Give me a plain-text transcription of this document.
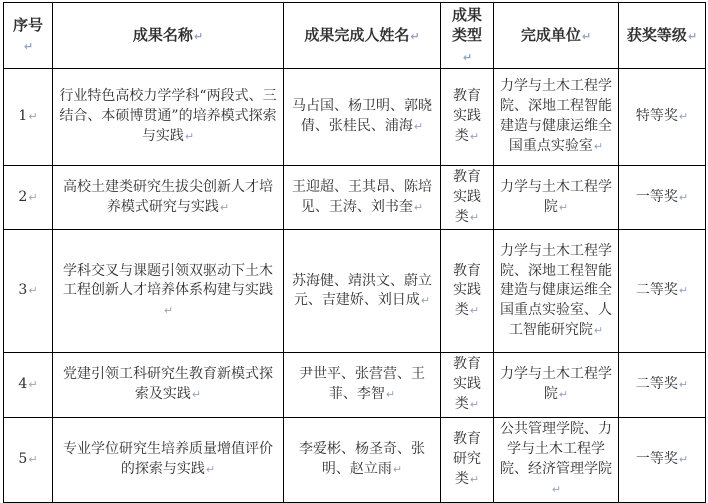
序号↵	成果名称↵	成果完成人姓名↵	成果类型↵	完成单位↵	获奖等级↵
1↵	行业特色高校力学学科“两段式、三结合、本硕博贯通”的培养模式探索与实践↵	马占国、杨卫明、郭晓倩、张桂民、浦海↵	教育实践类↵	力学与土木工程学院、深地工程智能建造与健康运维全国重点实验室↵	特等奖↵
2↵	高校土建类研究生拔尖创新人才培养模式研究与实践↵	王迎超、王其昂、陈培见、王涛、刘书奎↵	教育实践类↵	力学与土木工程学院↵	一等奖↵
3↵	学科交叉与课题引领双驱动下土木工程创新人才培养体系构建与实践↵	苏海健、靖洪文、蔚立元、吉建娇、刘日成↵	教育实践类↵	力学与土木工程学院、深地工程智能建造与健康运维全国重点实验室、人工智能研究院↵	二等奖↵
4↵	党建引领工科研究生教育新模式探索及实践↵	尹世平、张营营、王菲、李智↵	教育实践类↵	力学与土木工程学院↵	二等奖↵
5↵	专业学位研究生培养质量增值评价的探索与实践↵	李爱彬、杨圣奇、张明、赵立雨↵	教育研究类↵	公共管理学院、力学与土木工程学院、经济管理学院↵	一等奖↵
